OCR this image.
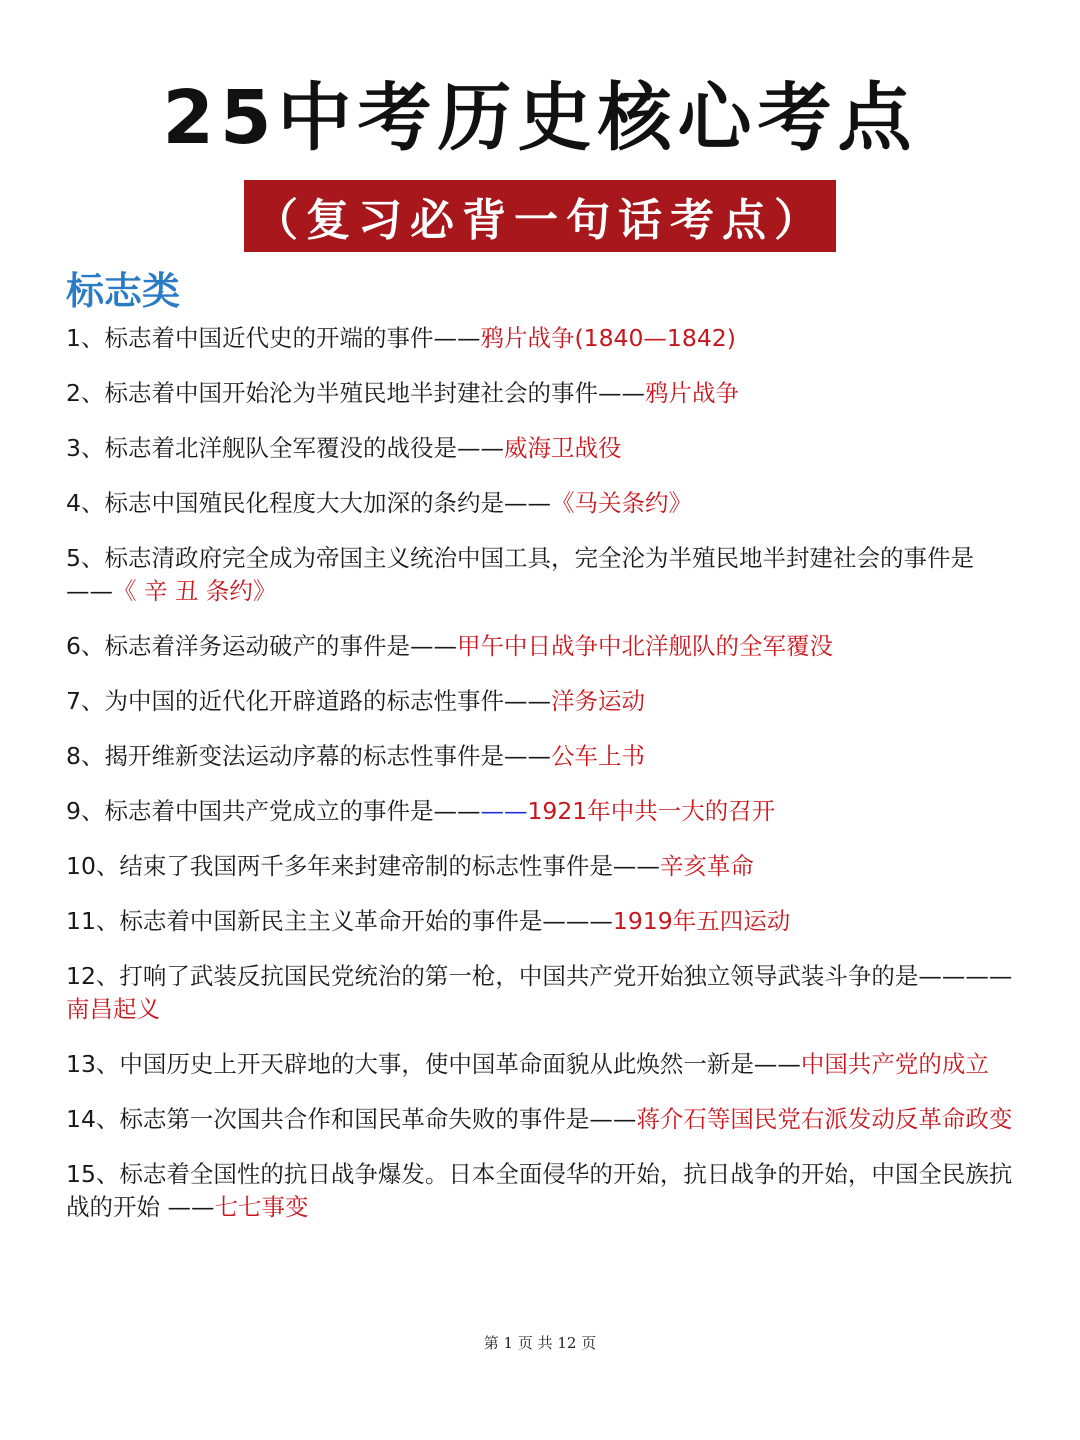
25中考历史核心考点
（复习必背一句话考点）
标志类
1、标志着中国近代史的开端的事件——鸦片战争(1840—1842)
2、标志着中国开始沦为半殖民地半封建社会的事件——鸦片战争
3、标志着北洋舰队全军覆没的战役是——威海卫战役
4、标志中国殖民化程度大大加深的条约是——《马关条约》
5、标志清政府完全成为帝国主义统治中国工具，完全沦为半殖民地半封建社会的事件是——《 辛 丑 条约》
6、标志着洋务运动破产的事件是——甲午中日战争中北洋舰队的全军覆没
7、为中国的近代化开辟道路的标志性事件——洋务运动
8、揭开维新变法运动序幕的标志性事件是——公车上书
9、标志着中国共产党成立的事件是————1921年中共一大的召开
10、结束了我国两千多年来封建帝制的标志性事件是——辛亥革命
11、标志着中国新民主主义革命开始的事件是———1919年五四运动
12、打响了武装反抗国民党统治的第一枪，中国共产党开始独立领导武装斗争的是————南昌起义
13、中国历史上开天辟地的大事，使中国革命面貌从此焕然一新是——中国共产党的成立
14、标志第一次国共合作和国民革命失败的事件是——蒋介石等国民党右派发动反革命政变
15、标志着全国性的抗日战争爆发。日本全面侵华的开始，抗日战争的开始，中国全民族抗战的开始 ——七七事变
第 1 页 共 12 页
